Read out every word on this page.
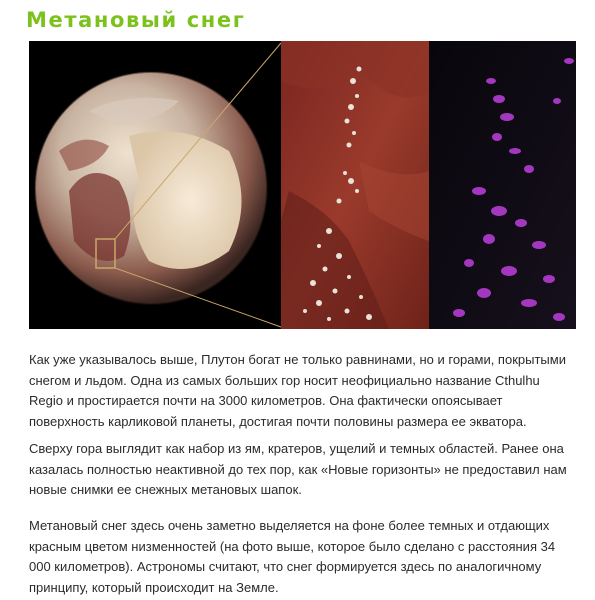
Метановый снег

Как уже указывалось выше, Плутон богат не только равнинами, но и горами, покрытыми снегом и льдом. Одна из самых больших гор носит неофициально название Cthulhu Regio и простирается почти на 3000 километров. Она фактически опоясывает поверхность карликовой планеты, достигая почти половины размера ее экватора.

Сверху гора выглядит как набор из ям, кратеров, ущелий и темных областей. Ранее она казалась полностью неактивной до тех пор, как «Новые горизонты» не предоставил нам новые снимки ее снежных метановых шапок.

Метановый снег здесь очень заметно выделяется на фоне более темных и отдающих красным цветом низменностей (на фото выше, которое было сделано с расстояния 34 000 километров). Астрономы считают, что снег формируется здесь по аналогичному принципу, который происходит на Земле.
